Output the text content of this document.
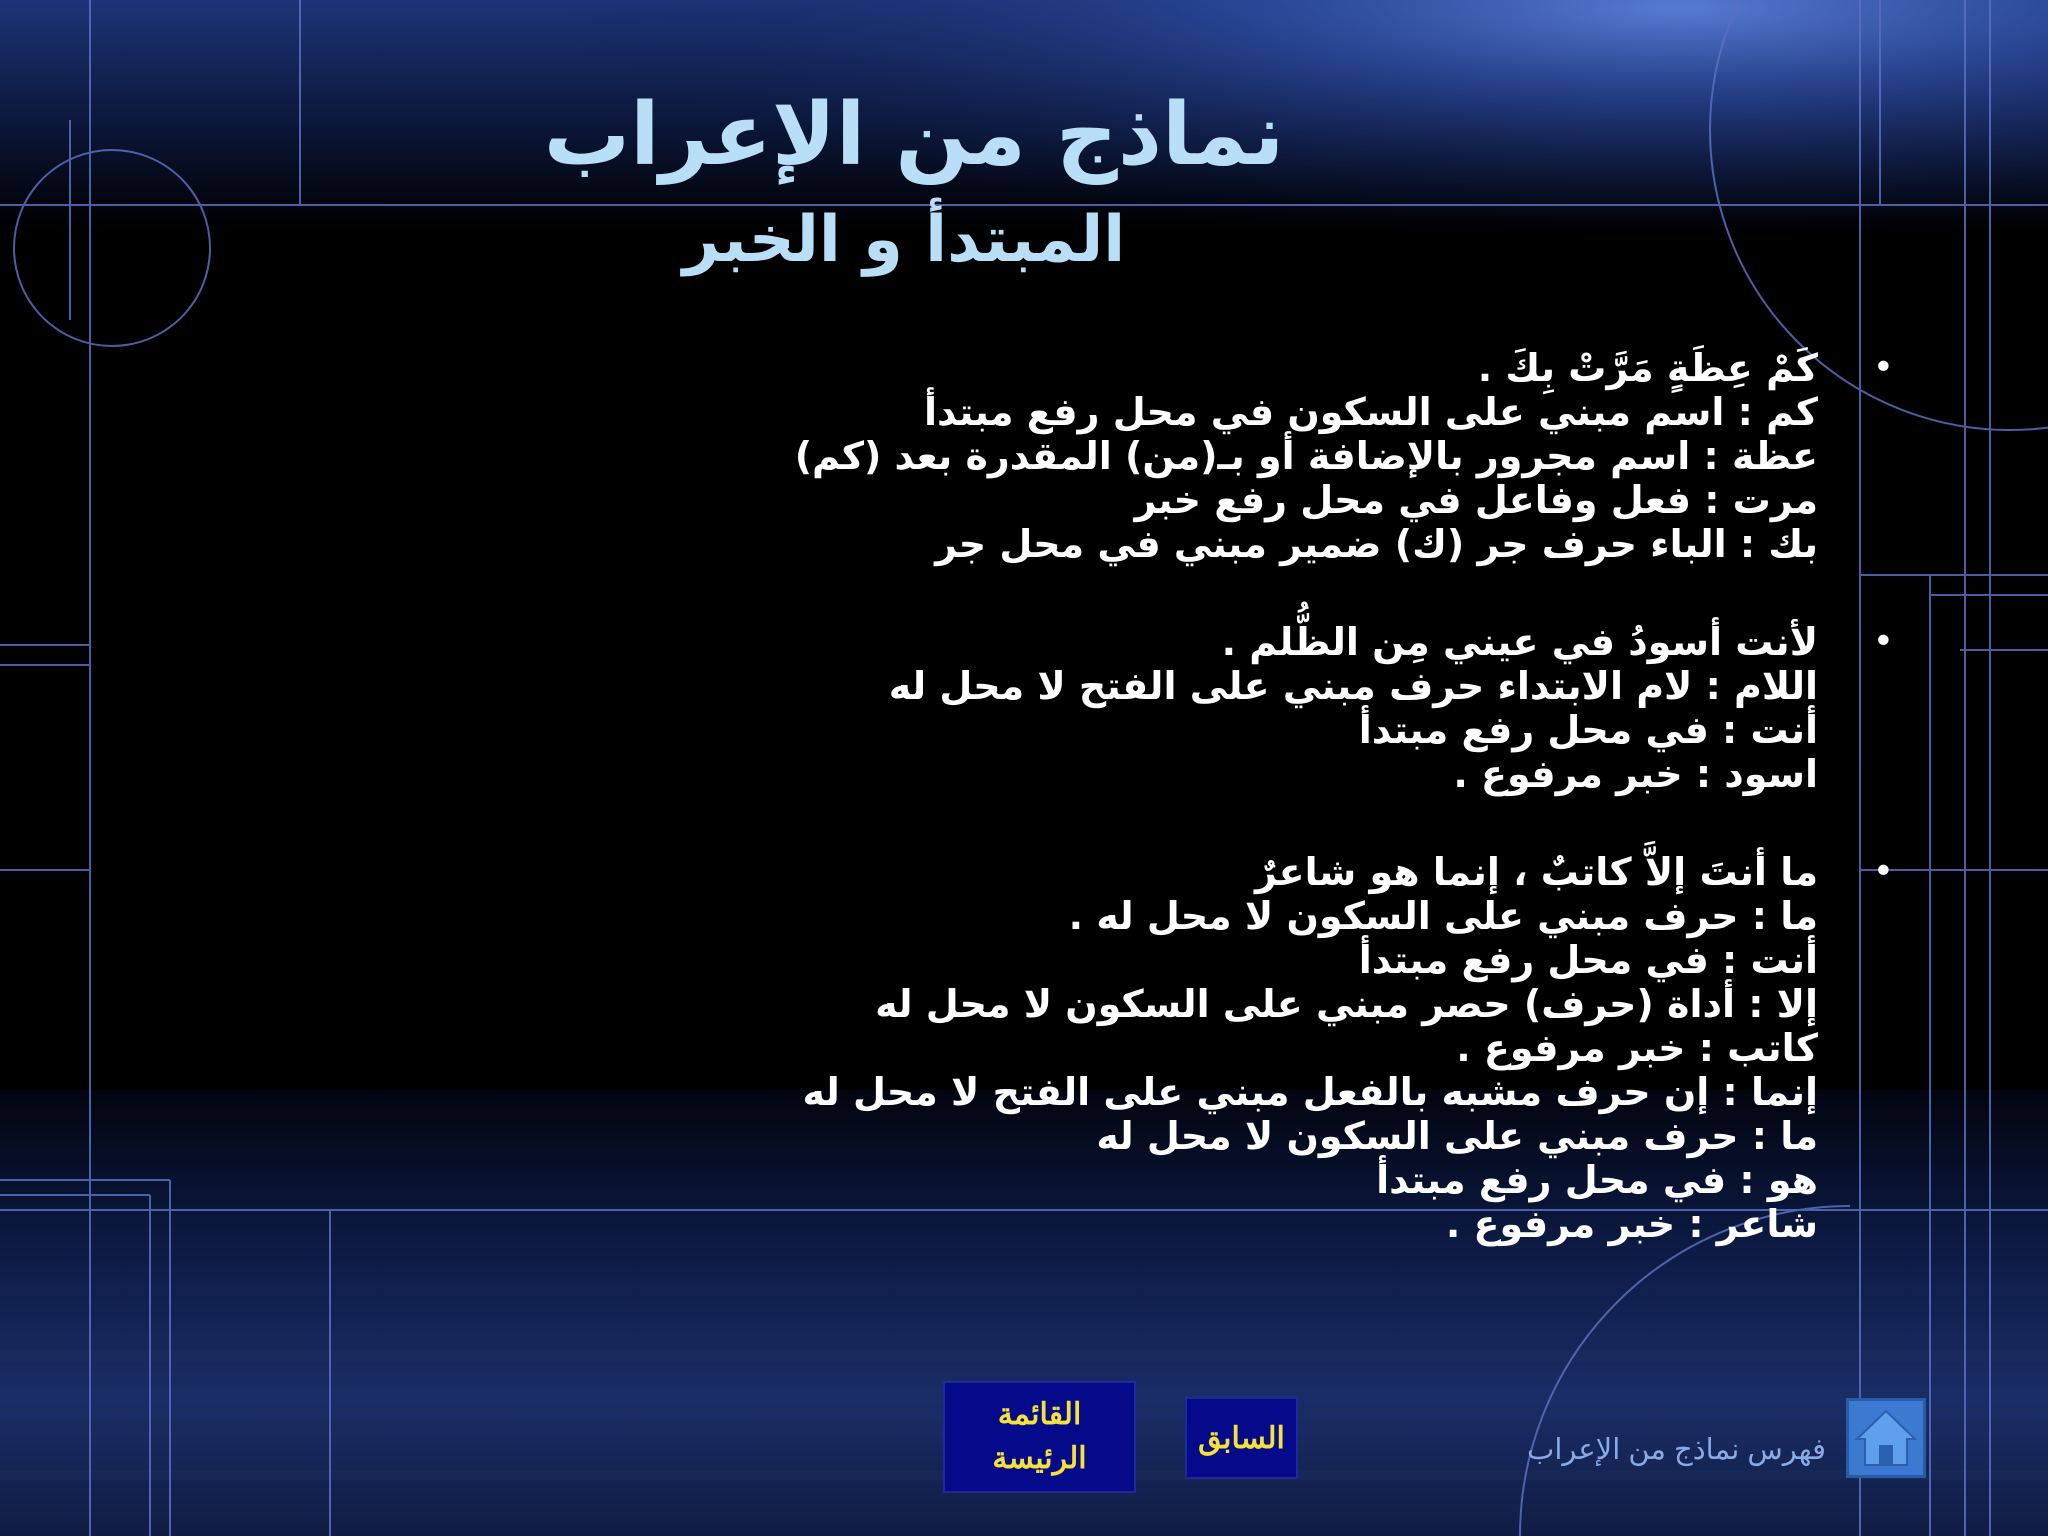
نماذج من الإعراب
المبتدأ و الخبر
•
كَمْ عِظَةٍ مَرَّتْ بِكَ .
كم : اسم مبني على السكون في محل رفع مبتدأ
عظة : اسم مجرور بالإضافة أو بـ(من) المقدرة بعد (كم)
مرت : فعل وفاعل في محل رفع خبر
بك : الباء حرف جر (ك) ضمير مبني في محل جر
•
لأنت أسودُ في عيني مِن الظُّلم .
اللام : لام الابتداء حرف مبني على الفتح لا محل له
أنت : في محل رفع مبتدأ
اسود : خبر مرفوع .
•
ما أنتَ إلاَّ كاتبٌ ، إنما هو شاعرٌ
ما : حرف مبني على السكون لا محل له .
أنت : في محل رفع مبتدأ
إلا : أداة (حرف) حصر مبني على السكون لا محل له
كاتب : خبر مرفوع .
إنما : إن حرف مشبه بالفعل مبني على الفتح لا محل له
ما : حرف مبني على السكون لا محل له
هو : في محل رفع مبتدأ
شاعر : خبر مرفوع .
القائمة
الرئيسة
السابق	فهرس نماذج من الإعراب
